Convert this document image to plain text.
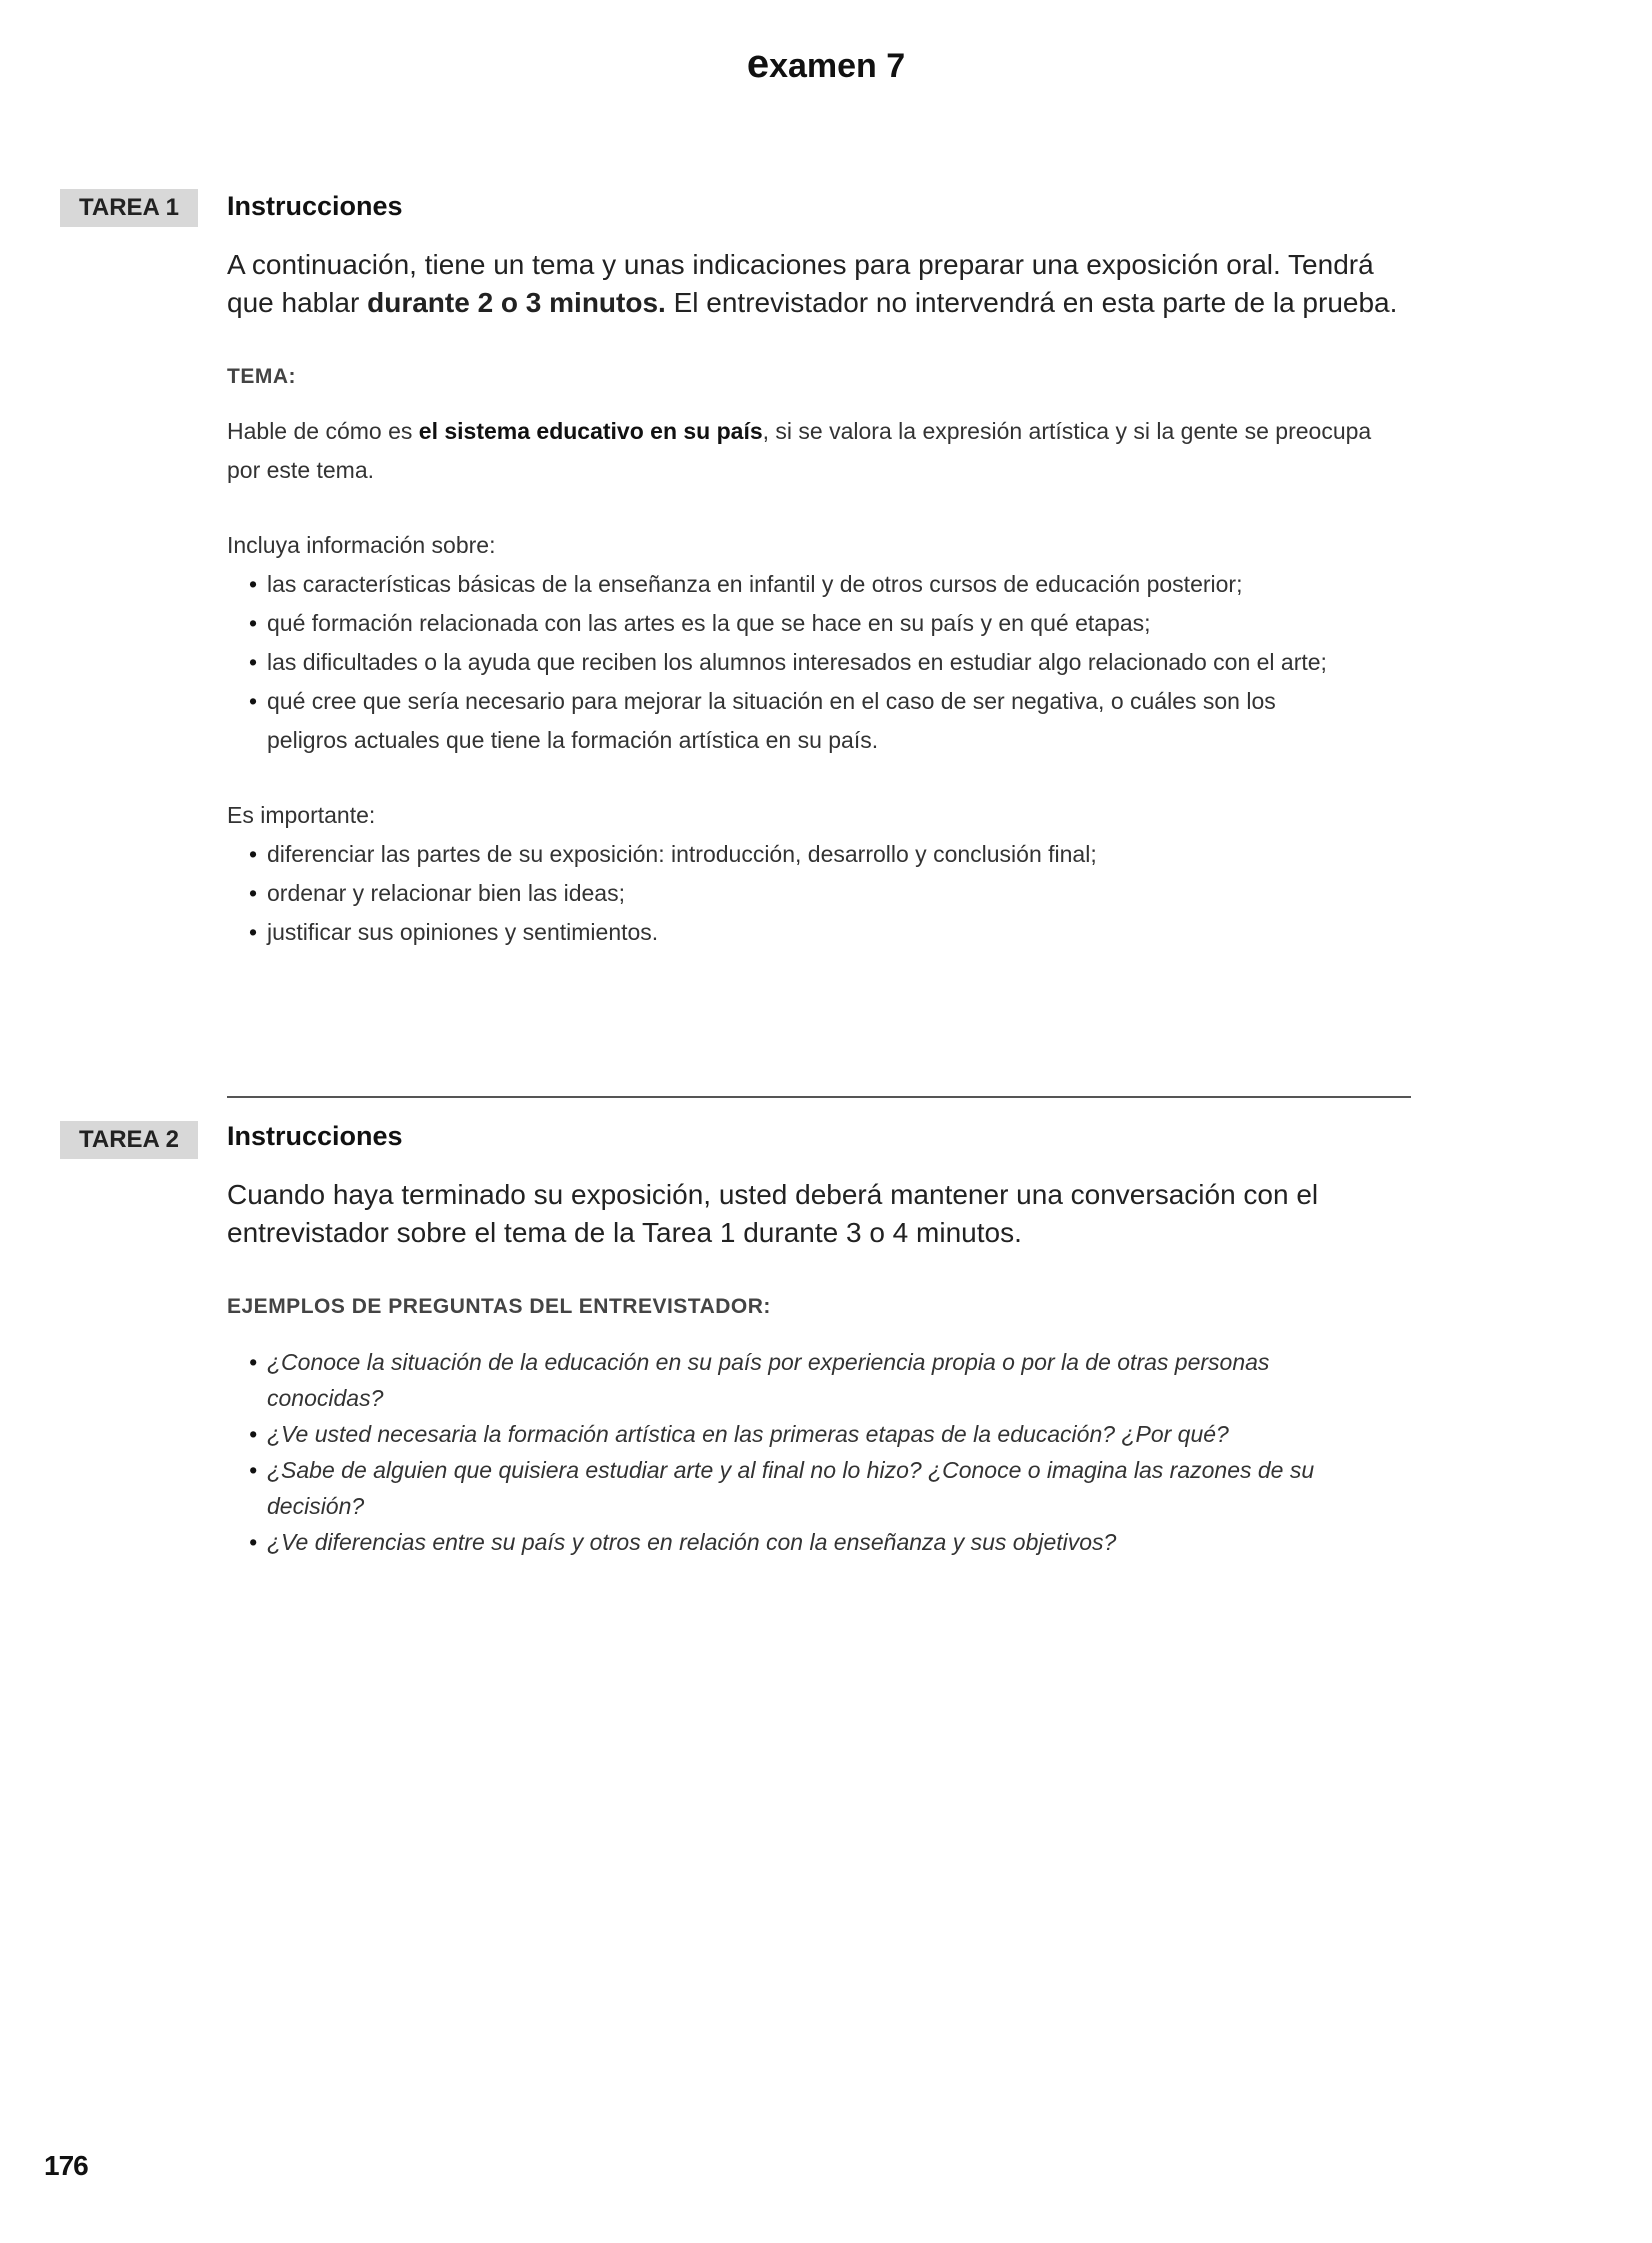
examen 7
TAREA 1	Instrucciones

A continuación, tiene un tema y unas indicaciones para preparar una exposición oral. Tendrá que hablar durante 2 o 3 minutos. El entrevistador no intervendrá en esta parte de la prueba.

TEMA:

Hable de cómo es el sistema educativo en su país, si se valora la expresión artística y si la gente se preocupa por este tema.

Incluya información sobre:

• las características básicas de la enseñanza en infantil y de otros cursos de educación posterior;
• qué formación relacionada con las artes es la que se hace en su país y en qué etapas;
• las dificultades o la ayuda que reciben los alumnos interesados en estudiar algo relacionado con el arte;
• qué cree que sería necesario para mejorar la situación en el caso de ser negativa, o cuáles son los peligros actuales que tiene la formación artística en su país.

Es importante:

• diferenciar las partes de su exposición: introducción, desarrollo y conclusión final;
• ordenar y relacionar bien las ideas;
• justificar sus opiniones y sentimientos.
TAREA 2	Instrucciones

Cuando haya terminado su exposición, usted deberá mantener una conversación con el entrevistador sobre el tema de la Tarea 1 durante 3 o 4 minutos.

EJEMPLOS DE PREGUNTAS DEL ENTREVISTADOR:

• ¿Conoce la situación de la educación en su país por experiencia propia o por la de otras personas conocidas?
• ¿Ve usted necesaria la formación artística en las primeras etapas de la educación? ¿Por qué?
• ¿Sabe de alguien que quisiera estudiar arte y al final no lo hizo? ¿Conoce o imagina las razones de su decisión?
• ¿Ve diferencias entre su país y otros en relación con la enseñanza y sus objetivos?
176
